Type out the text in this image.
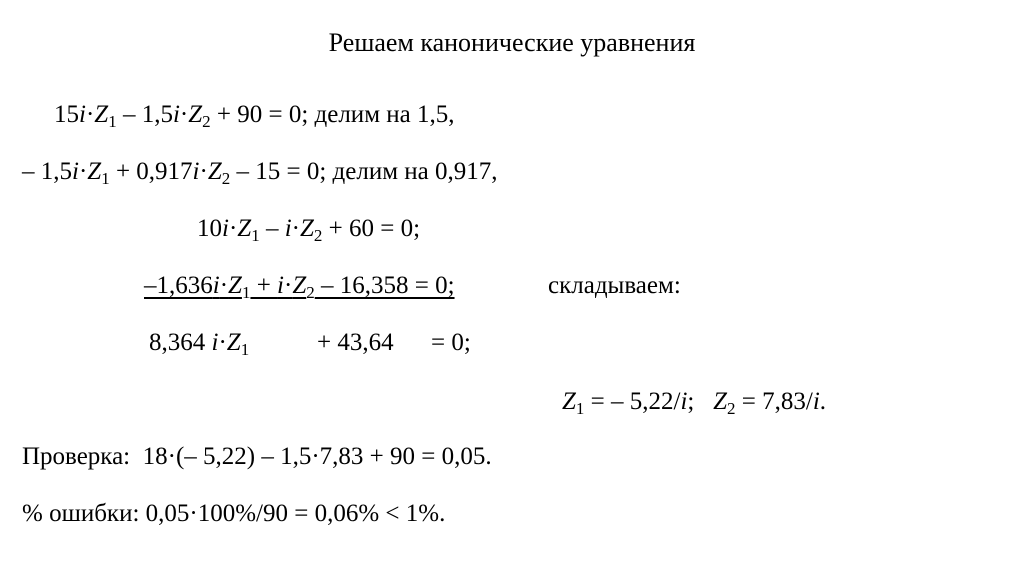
Решаем канонические уравнения
$15i\cdot Z_1 - 1,5i\cdot Z_2 + 90 = 0$; делим на 1,5,
– $1,5i\cdot Z_1 + 0,917i\cdot Z_2 - 15 = 0$; делим на 0,917,
$10i\cdot Z_1 - i\cdot Z_2 + 60 = 0$;
$-1,636i\cdot Z_1 + i\cdot Z_2 - 16,358 = 0$;	складываем:
8,364 $i\cdot Z_1$	+ 43,64 = 0;
$Z_1$ = – 5,22/i; $Z_2 = 7,83/i$.
Проверка: 18·(– 5,22) – 1,5·7,83 + 90 = 0,05.
% ошибки: 0,05·100%/90 = 0,06% < 1%.
